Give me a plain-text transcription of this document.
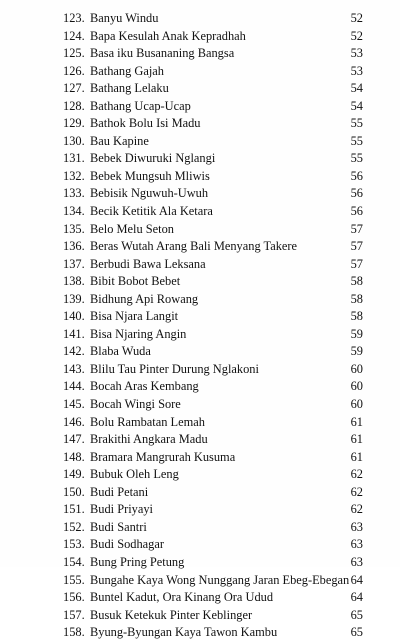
123. Banyu Windu	52
124. Bapa Kesulah Anak Kepradhah	52
125. Basa iku Busananing Bangsa	53
126. Bathang Gajah	53
127. Bathang Lelaku	54
128. Bathang Ucap-Ucap	54
129. Bathok Bolu Isi Madu	55
130. Bau Kapine	55
131. Bebek Diwuruki Nglangi	55
132. Bebek Mungsuh Mliwis	56
133. Bebisik Nguwuh-Uwuh	56
134. Becik Ketitik Ala Ketara	56
135. Belo Melu Seton	57
136. Beras Wutah Arang Bali Menyang Takere	57
137. Berbudi Bawa Leksana	57
138. Bibit Bobot Bebet	58
139. Bidhung Api Rowang	58
140. Bisa Njara Langit	58
141. Bisa Njaring Angin	59
142. Blaba Wuda	59
143. Blilu Tau Pinter Durung Nglakoni	60
144. Bocah Aras Kembang	60
145. Bocah Wingi Sore	60
146. Bolu Rambatan Lemah	61
147. Brakithi Angkara Madu	61
148. Bramara Mangrurah Kusuma	61
149. Bubuk Oleh Leng	62
150. Budi Petani	62
151. Budi Priyayi	62
152. Budi Santri	63
153. Budi Sodhagar	63
154. Bung Pring Petung	63
155. Bungahe Kaya Wong Nunggang Jaran Ebeg-Ebegan 64
156. Buntel Kadut, Ora Kinang Ora Udud	64
157. Busuk Ketekuk Pinter Keblinger	65
158. Byung-Byungan Kaya Tawon Kambu	65
